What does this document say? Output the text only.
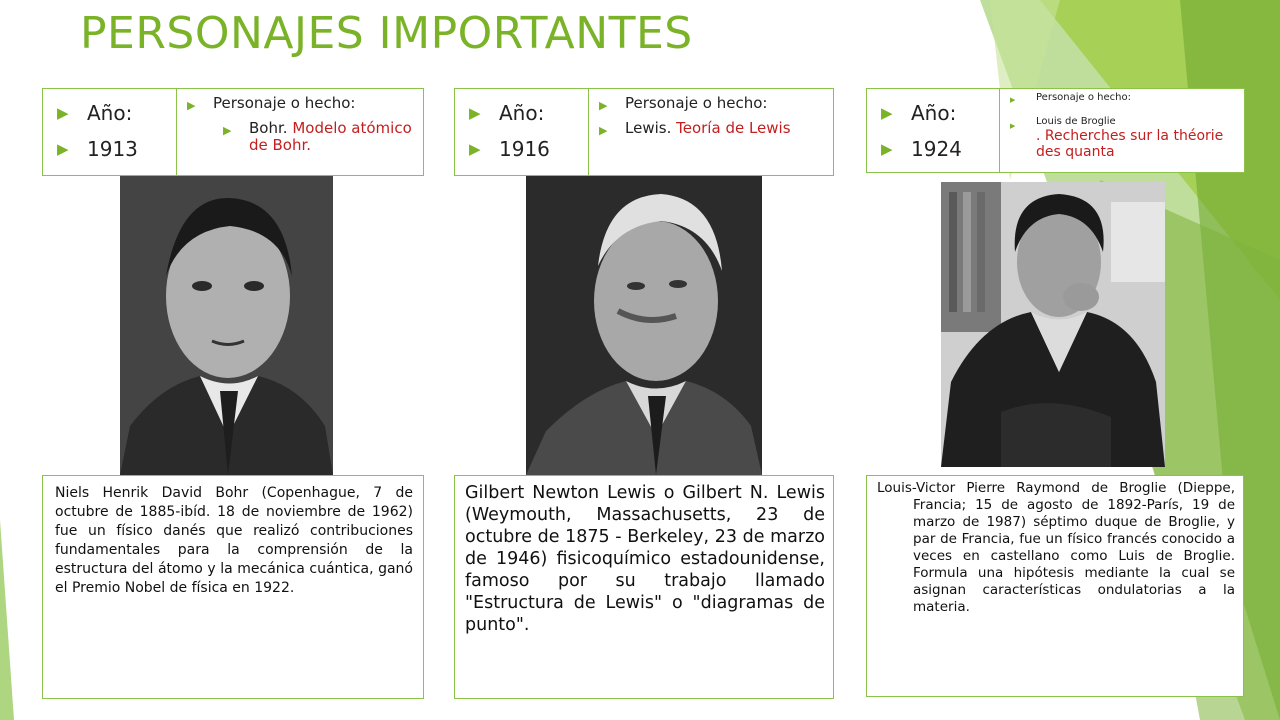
PERSONAJES IMPORTANTES
▶ Año:
▶ 1913
▶	Personaje o hecho:
▶	Bohr. Modelo atómico de Bohr.
Niels Henrik David Bohr (Copenhague, 7 de octubre de 1885-ibíd. 18 de noviembre de 1962) fue un físico danés que realizó contribuciones fundamentales para la comprensión de la estructura del átomo y la mecánica cuántica, ganó el Premio Nobel de física en 1922.
▶ Año:
▶ 1916
▶	Personaje o hecho:
▶	Lewis. Teoría de Lewis
Gilbert Newton Lewis o Gilbert N. Lewis (Weymouth, Massachusetts, 23 de octubre de 1875 - Berkeley, 23 de marzo de 1946) fisicoquímico estadounidense, famoso por su trabajo llamado "Estructura de Lewis" o "diagramas de punto".
▶ Año:
▶ 1924
▶	Personaje o hecho:
▶	Louis de Broglie
. Recherches sur la théorie des quanta
Louis-Victor Pierre Raymond de Broglie (Dieppe, Francia; 15 de agosto de 1892-París, 19 de marzo de 1987) séptimo duque de Broglie, y par de Francia, fue un físico francés conocido a veces en castellano como Luis de Broglie. Formula una hipótesis mediante la cual se asignan características ondulatorias a la materia.
